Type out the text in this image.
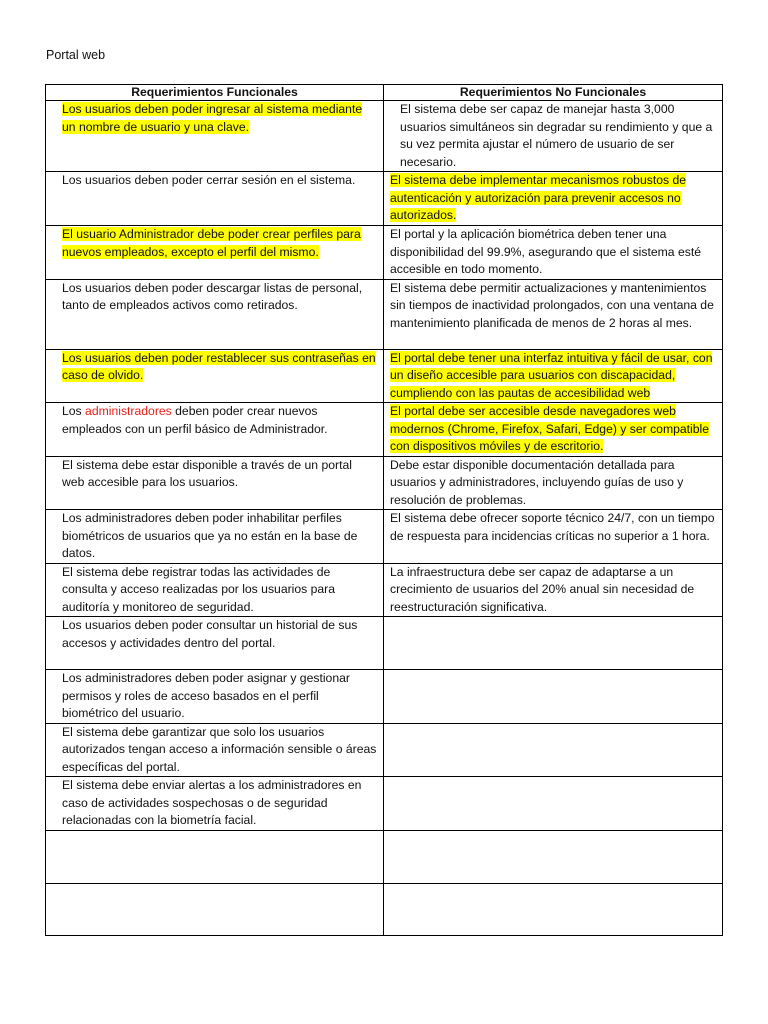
Portal web
Requerimientos Funcionales	Requerimientos No Funcionales
Los usuarios deben poder ingresar al sistema mediante un nombre de usuario y una clave.	El sistema debe ser capaz de manejar hasta 3,000 usuarios simultáneos sin degradar su rendimiento y que a su vez permita ajustar el número de usuario de ser necesario.
Los usuarios deben poder cerrar sesión en el sistema.	El sistema debe implementar mecanismos robustos de autenticación y autorización para prevenir accesos no autorizados.
El usuario Administrador debe poder crear perfiles para nuevos empleados, excepto el perfil del mismo.	El portal y la aplicación biométrica deben tener una disponibilidad del 99.9%, asegurando que el sistema esté accesible en todo momento.
Los usuarios deben poder descargar listas de personal, tanto de empleados activos como retirados.	El sistema debe permitir actualizaciones y mantenimientos sin tiempos de inactividad prolongados, con una ventana de mantenimiento planificada de menos de 2 horas al mes.
Los usuarios deben poder restablecer sus contraseñas en caso de olvido.	El portal debe tener una interfaz intuitiva y fácil de usar, con un diseño accesible para usuarios con discapacidad, cumpliendo con las pautas de accesibilidad web
Los administradores deben poder crear nuevos empleados con un perfil básico de Administrador.	El portal debe ser accesible desde navegadores web modernos (Chrome, Firefox, Safari, Edge) y ser compatible con dispositivos móviles y de escritorio.
El sistema debe estar disponible a través de un portal web accesible para los usuarios.	Debe estar disponible documentación detallada para usuarios y administradores, incluyendo guías de uso y resolución de problemas.
Los administradores deben poder inhabilitar perfiles biométricos de usuarios que ya no están en la base de datos.	El sistema debe ofrecer soporte técnico 24/7, con un tiempo de respuesta para incidencias críticas no superior a 1 hora.
El sistema debe registrar todas las actividades de consulta y acceso realizadas por los usuarios para auditoría y monitoreo de seguridad.	La infraestructura debe ser capaz de adaptarse a un crecimiento de usuarios del 20% anual sin necesidad de reestructuración significativa.
Los usuarios deben poder consultar un historial de sus accesos y actividades dentro del portal.	
Los administradores deben poder asignar y gestionar permisos y roles de acceso basados en el perfil biométrico del usuario.	
El sistema debe garantizar que solo los usuarios autorizados tengan acceso a información sensible o áreas específicas del portal.	
El sistema debe enviar alertas a los administradores en caso de actividades sospechosas o de seguridad relacionadas con la biometría facial.	
